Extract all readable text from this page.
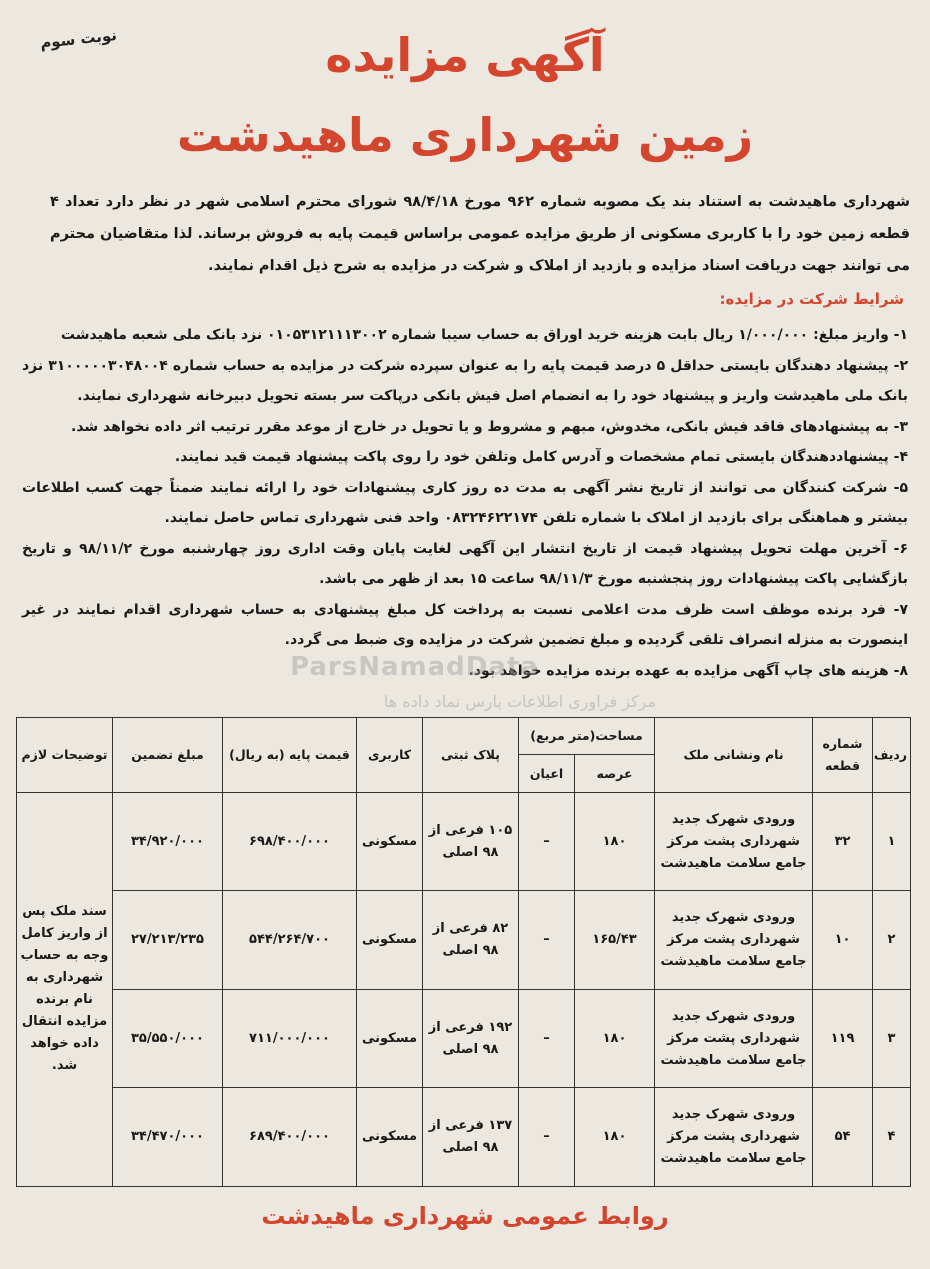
نوبت سوم	آگهی مزایده
زمین شهرداری ماهیدشت
شهرداری ماهیدشت به استناد بند یک مصوبه شماره ۹۶۲ مورخ ۹۸/۴/۱۸ شورای محترم اسلامی شهر در نظر دارد تعداد ۴ قطعه زمین خود را با کاربری مسکونی از طریق مزایده عمومی براساس قیمت پایه به فروش برساند. لذا متقاضیان محترم می توانند جهت دریافت اسناد مزایده و بازدید از املاک و شرکت در مزایده به شرح ذیل اقدام نمایند.
شرایط شرکت در مزایده:

۱- واریز مبلغ: ۱/۰۰۰/۰۰۰ ریال بابت هزینه خرید اوراق به حساب سیبا شماره ۰۱۰۵۳۱۲۱۱۱۳۰۰۲ نزد بانک ملی شعبه ماهیدشت

۲- پیشنهاد دهندگان بایستی حداقل ۵ درصد قیمت پایه را به عنوان سپرده شرکت در مزایده به حساب شماره ۳۱۰۰۰۰۰۳۰۴۸۰۰۴ نزد بانک ملی ماهیدشت واریز و پیشنهاد خود را به انضمام اصل فیش بانکی درپاکت سر بسته تحویل دبیرخانه شهرداری نمایند.

۳- به پیشنهادهای فاقد فیش بانکی، مخدوش، مبهم و مشروط و یا تحویل در خارج از موعد مقرر ترتیب اثر داده نخواهد شد.

۴- پیشنهاددهندگان بایستی تمام مشخصات و آدرس کامل وتلفن خود را روی پاکت پیشنهاد قیمت قید نمایند.

۵- شرکت کنندگان می توانند از تاریخ نشر آگهی به مدت ده روز کاری پیشنهادات خود را ارائه نمایند ضمناً جهت کسب اطلاعات بیشتر و هماهنگی برای بازدید از املاک با شماره تلفن ۰۸۳۲۴۶۲۲۱۷۴ واحد فنی شهرداری تماس حاصل نمایند.

۶- آخرین مهلت تحویل پیشنهاد قیمت از تاریخ انتشار این آگهی لغایت پایان وقت اداری روز چهارشنبه مورخ ۹۸/۱۱/۲ و تاریخ بازگشایی پاکت پیشنهادات روز پنجشنبه مورخ ۹۸/۱۱/۳ ساعت ۱۵ بعد از ظهر می باشد.

۷- فرد برنده موظف است ظرف مدت اعلامی نسبت به پرداخت کل مبلغ پیشنهادی به حساب شهرداری اقدام نمایند در غیر اینصورت به منزله انصراف تلقی گردیده و مبلغ تضمین شرکت در مزایده وی ضبط می گردد.

۸- هزینه های چاپ آگهی مزایده به عهده برنده مزایده خواهد بود.

ParsNamadData
مرکز فراوری اطلاعات پارس نماد داده ها
ردیف	شماره قطعه	نام ونشانی ملک	مساحت(متر مربع)		پلاک ثبتی	کاربری	قیمت پایه (به ریال)	مبلغ تضمین	توضیحات لازم
			عرصه	اعیان					
۱	۳۲	ورودی شهرک جدید شهرداری پشت مرکز جامع سلامت ماهیدشت	۱۸۰	–	۱۰۵ فرعی از ۹۸ اصلی	مسکونی	۶۹۸/۴۰۰/۰۰۰	۳۴/۹۲۰/۰۰۰	سند ملک پس از واریز کامل وجه به حساب شهرداری به نام برنده مزایده انتقال داده خواهد شد.
۲	۱۰	ورودی شهرک جدید شهرداری پشت مرکز جامع سلامت ماهیدشت	۱۶۵/۴۳	–	۸۲ فرعی از ۹۸ اصلی	مسکونی	۵۴۴/۲۶۴/۷۰۰	۲۷/۲۱۳/۲۳۵	
۳	۱۱۹	ورودی شهرک جدید شهرداری پشت مرکز جامع سلامت ماهیدشت	۱۸۰	–	۱۹۲ فرعی از ۹۸ اصلی	مسکونی	۷۱۱/۰۰۰/۰۰۰	۳۵/۵۵۰/۰۰۰	
۴	۵۴	ورودی شهرک جدید شهرداری پشت مرکز جامع سلامت ماهیدشت	۱۸۰	–	۱۳۷ فرعی از ۹۸ اصلی	مسکونی	۶۸۹/۴۰۰/۰۰۰	۳۴/۴۷۰/۰۰۰	
روابط عمومی شهرداری ماهیدشت
